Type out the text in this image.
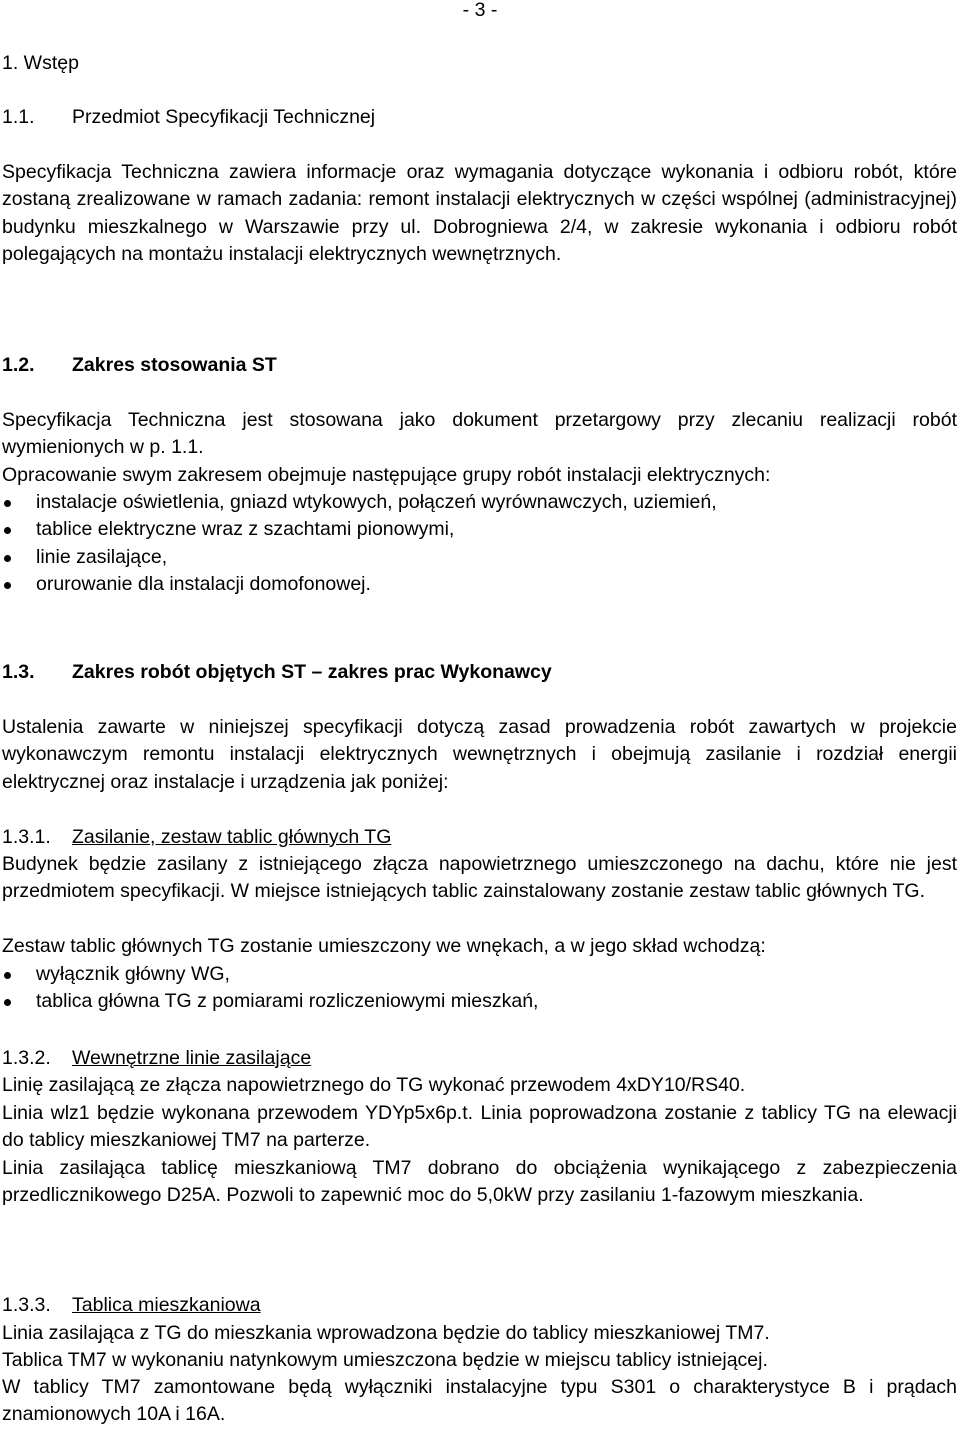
- 3 -
1. Wstęp
1.1. Przedmiot Specyfikacji Technicznej
Specyfikacja Techniczna zawiera informacje oraz wymagania dotyczące wykonania i odbioru robót, które zostaną zrealizowane w ramach zadania: remont instalacji elektrycznych w części wspólnej (administracyjnej) budynku mieszkalnego w Warszawie przy ul. Dobrogniewa 2/4, w zakresie wykonania i odbioru robót polegających na montażu instalacji elektrycznych wewnętrznych.
1.2. Zakres stosowania ST
Specyfikacja Techniczna jest stosowana jako dokument przetargowy przy zlecaniu realizacji robót wymienionych w p. 1.1.
Opracowanie swym zakresem obejmuje następujące grupy robót instalacji elektrycznych:
instalacje oświetlenia, gniazd wtykowych, połączeń wyrównawczych, uziemień,
tablice elektryczne wraz z szachtami pionowymi,
linie zasilające,
orurowanie dla instalacji domofonowej.
1.3. Zakres robót objętych ST – zakres prac Wykonawcy
Ustalenia zawarte w niniejszej specyfikacji dotyczą zasad prowadzenia robót zawartych w projekcie wykonawczym remontu instalacji elektrycznych wewnętrznych i obejmują zasilanie i rozdział energii elektrycznej oraz instalacje i urządzenia jak poniżej:
1.3.1. Zasilanie, zestaw tablic głównych TG
Budynek będzie zasilany z istniejącego złącza napowietrznego umieszczonego na dachu, które nie jest przedmiotem specyfikacji. W miejsce istniejących tablic zainstalowany zostanie zestaw tablic głównych TG.
Zestaw tablic głównych TG zostanie umieszczony we wnękach, a w jego skład wchodzą:
wyłącznik główny WG,
tablica główna TG z pomiarami rozliczeniowymi mieszkań,
1.3.2. Wewnętrzne linie zasilające
Linię zasilającą ze złącza napowietrznego do TG wykonać przewodem 4xDY10/RS40.
Linia wlz1 będzie wykonana przewodem YDYp5x6p.t. Linia poprowadzona zostanie z tablicy TG na elewacji do tablicy mieszkaniowej TM7 na parterze.
Linia zasilająca tablicę mieszkaniową TM7 dobrano do obciążenia wynikającego z zabezpieczenia przedlicznikowego D25A. Pozwoli to zapewnić moc do 5,0kW przy zasilaniu 1-fazowym mieszkania.
1.3.3. Tablica mieszkaniowa
Linia zasilająca z TG do mieszkania wprowadzona będzie do tablicy mieszkaniowej TM7.
Tablica TM7 w wykonaniu natynkowym umieszczona będzie w miejscu tablicy istniejącej.
W tablicy TM7 zamontowane będą wyłączniki instalacyjne typu S301 o charakterystyce B i prądach znamionowych 10A i 16A.
